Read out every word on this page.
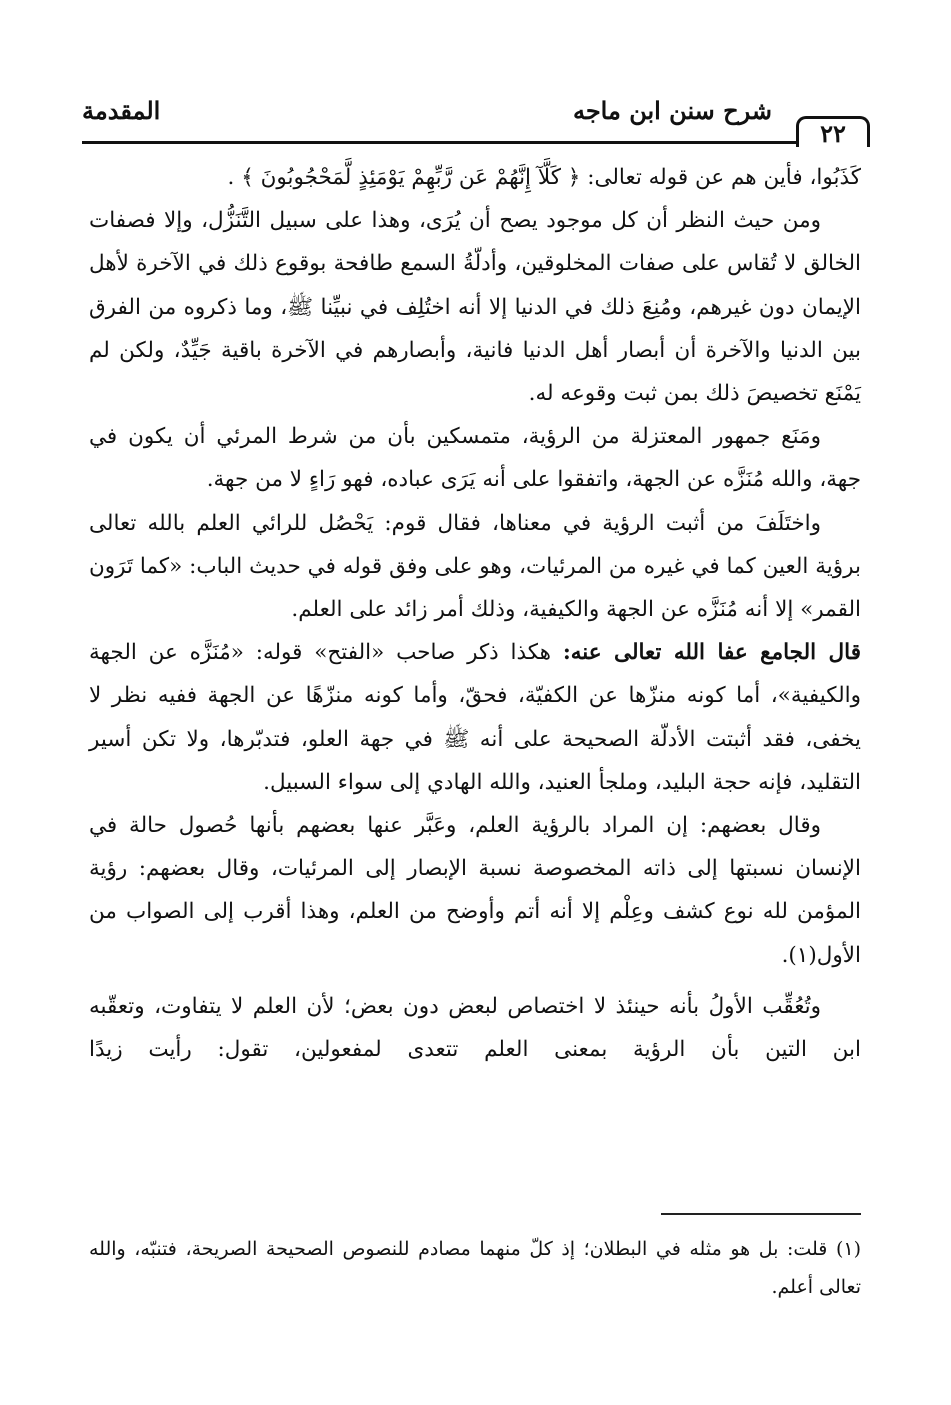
٢٢
شرح سنن ابن ماجه
المقدمة

كَذَبُوا، فأين هم عن قوله تعالى: ﴿ كَلَّآ إِنَّهُمْ عَن رَّبِّهِمْ يَوْمَئِذٍ لَّمَحْجُوبُونَ ﴾ .

ومن حيث النظر أن كل موجود يصح أن يُرَى، وهذا على سبيل التَّنَزُّل، وإلا فصفات الخالق لا تُقاس على صفات المخلوقين، وأدلّةُ السمع طافحة بوقوع ذلك في الآخرة لأهل الإيمان دون غيرهم، ومُنِعَ ذلك في الدنيا إلا أنه اختُلِف في نبيِّنا ﷺ، وما ذكروه من الفرق بين الدنيا والآخرة أن أبصار أهل الدنيا فانية، وأبصارهم في الآخرة باقية جَيِّدٌ، ولكن لم يَمْنَع تخصيصَ ذلك بمن ثبت وقوعه له.

ومَنَع جمهور المعتزلة من الرؤية، متمسكين بأن من شرط المرئي أن يكون في جهة، والله مُنَزَّه عن الجهة، واتفقوا على أنه يَرَى عباده، فهو رَاءٍ لا من جهة.

واختَلَفَ من أثبت الرؤية في معناها، فقال قوم: يَحْصُل للرائي العلم بالله تعالى برؤية العين كما في غيره من المرئيات، وهو على وفق قوله في حديث الباب: «كما تَرَون القمر» إلا أنه مُنَزَّه عن الجهة والكيفية، وذلك أمر زائد على العلم.

قال الجامع عفا الله تعالى عنه: هكذا ذكر صاحب «الفتح» قوله: «مُنَزَّه عن الجهة والكيفية»، أما كونه منزّها عن الكفيّة، فحقّ، وأما كونه منزّهًا عن الجهة ففيه نظر لا يخفى، فقد أثبتت الأدلّة الصحيحة على أنه ﷺ في جهة العلو، فتدبّرها، ولا تكن أسير التقليد، فإنه حجة البليد، وملجأ العنيد، والله الهادي إلى سواء السبيل.

وقال بعضهم: إن المراد بالرؤية العلم، وعَبَّر عنها بعضهم بأنها حُصول حالة في الإنسان نسبتها إلى ذاته المخصوصة نسبة الإبصار إلى المرئيات، وقال بعضهم: رؤية المؤمن لله نوع كشف وعِلْم إلا أنه أتم وأوضح من العلم، وهذا أقرب إلى الصواب من الأول(١).

وتُعُقِّب الأولُ بأنه حينئذ لا اختصاص لبعض دون بعض؛ لأن العلم لا يتفاوت، وتعقّبه ابن التين بأن الرؤية بمعنى العلم تتعدى لمفعولين، تقول: رأيت زيدًا

(١) قلت: بل هو مثله في البطلان؛ إذ كلّ منهما مصادم للنصوص الصحيحة الصريحة، فتنبّه، والله تعالى أعلم.
